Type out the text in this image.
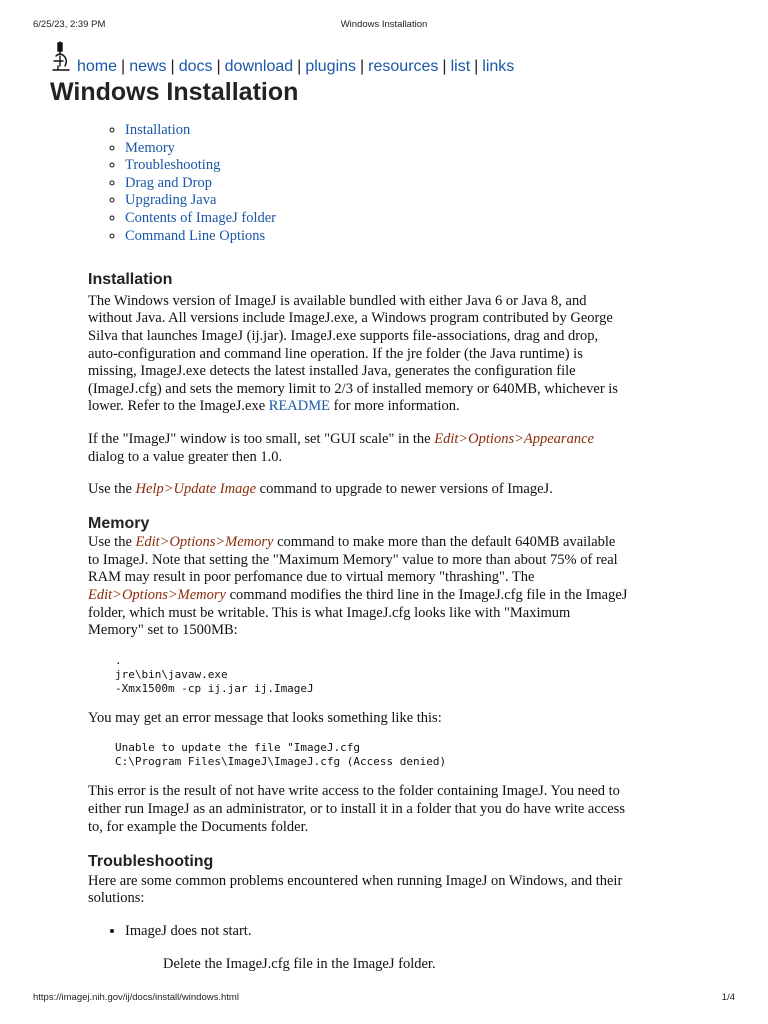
6/25/23, 2:39 PM	Windows Installation
home | news | docs | download | plugins | resources | list | links
Windows Installation
◦ Installation
◦ Memory
◦ Troubleshooting
◦ Drag and Drop
◦ Upgrading Java
◦ Contents of ImageJ folder
◦ Command Line Options
Installation

The Windows version of ImageJ is available bundled with either Java 6 or Java 8, and without Java. All versions include ImageJ.exe, a Windows program contributed by George Silva that launches ImageJ (ij.jar). ImageJ.exe supports file-associations, drag and drop, auto-configuration and command line operation. If the jre folder (the Java runtime) is missing, ImageJ.exe detects the latest installed Java, generates the configuration file (ImageJ.cfg) and sets the memory limit to 2/3 of installed memory or 640MB, whichever is lower. Refer to the ImageJ.exe README for more information.

If the "ImageJ" window is too small, set "GUI scale" in the Edit>Options>Appearance dialog to a value greater then 1.0.

Use the Help>Update Image command to upgrade to newer versions of ImageJ.

Memory

Use the Edit>Options>Memory command to make more than the default 640MB available to ImageJ. Note that setting the "Maximum Memory" value to more than about 75% of real RAM may result in poor perfomance due to virtual memory "thrashing". The Edit>Options>Memory command modifies the third line in the ImageJ.cfg file in the ImageJ folder, which must be writable. This is what ImageJ.cfg looks like with "Maximum Memory" set to 1500MB:

.
jre\bin\javaw.exe
-Xmx1500m -cp ij.jar ij.ImageJ

You may get an error message that looks something like this:

Unable to update the file "ImageJ.cfg
C:\Program Files\ImageJ\ImageJ.cfg (Access denied)

This error is the result of not have write access to the folder containing ImageJ. You need to either run ImageJ as an administrator, or to install it in a folder that you do have write access to, for example the Documents folder.

Troubleshooting

Here are some common problems encountered when running ImageJ on Windows, and their solutions:

• ImageJ does not start.

Delete the ImageJ.cfg file in the ImageJ folder.

https://imagej.nih.gov/ij/docs/install/windows.html	1/4
